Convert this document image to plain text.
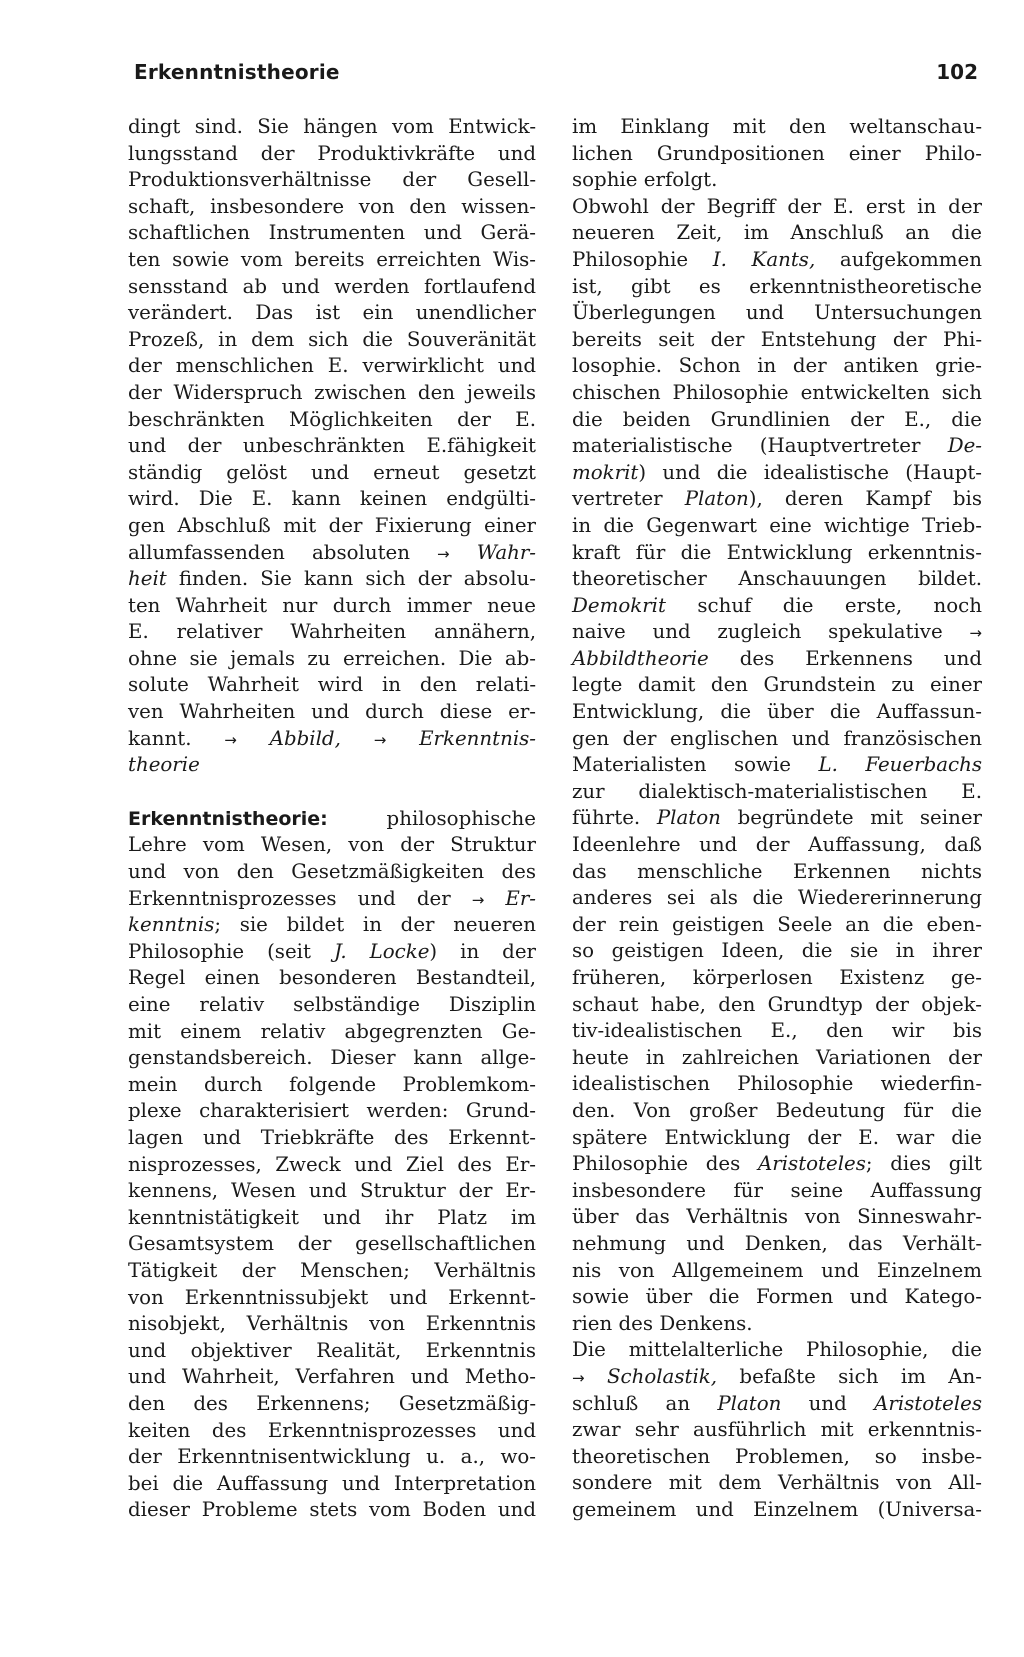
Erkenntnistheorie	102
dingt sind. Sie hängen vom Entwick-
lungsstand der Produktivkräfte und
Produktionsverhältnisse der Gesell-
schaft, insbesondere von den wissen-
schaftlichen Instrumenten und Gerä-
ten sowie vom bereits erreichten Wis-
sensstand ab und werden fortlaufend
verändert. Das ist ein unendlicher
Prozeß, in dem sich die Souveränität
der menschlichen E. verwirklicht und
der Widerspruch zwischen den jeweils
beschränkten Möglichkeiten der E.
und der unbeschränkten E.fähigkeit
ständig gelöst und erneut gesetzt
wird. Die E. kann keinen endgülti-
gen Abschluß mit der Fixierung einer
allumfassenden absoluten → Wahr-
heit finden. Sie kann sich der absolu-
ten Wahrheit nur durch immer neue
E. relativer Wahrheiten annähern,
ohne sie jemals zu erreichen. Die ab-
solute Wahrheit wird in den relati-
ven Wahrheiten und durch diese er-
kannt. → Abbild, → Erkenntnis-
theorie
Erkenntnistheorie: philosophische
Lehre vom Wesen, von der Struktur
und von den Gesetzmäßigkeiten des
Erkenntnisprozesses und der → Er-
kenntnis; sie bildet in der neueren
Philosophie (seit J. Locke) in der
Regel einen besonderen Bestandteil,
eine relativ selbständige Disziplin
mit einem relativ abgegrenzten Ge-
genstandsbereich. Dieser kann allge-
mein durch folgende Problemkom-
plexe charakterisiert werden: Grund-
lagen und Triebkräfte des Erkennt-
nisprozesses, Zweck und Ziel des Er-
kennens, Wesen und Struktur der Er-
kenntnistätigkeit und ihr Platz im
Gesamtsystem der gesellschaftlichen
Tätigkeit der Menschen; Verhältnis
von Erkenntnissubjekt und Erkennt-
nisobjekt, Verhältnis von Erkenntnis
und objektiver Realität, Erkenntnis
und Wahrheit, Verfahren und Metho-
den des Erkennens; Gesetzmäßig-
keiten des Erkenntnisprozesses und
der Erkenntnisentwicklung u. a., wo-
bei die Auffassung und Interpretation
dieser Probleme stets vom Boden und
im Einklang mit den weltanschau-
lichen Grundpositionen einer Philo-
sophie erfolgt.
Obwohl der Begriff der E. erst in der
neueren Zeit, im Anschluß an die
Philosophie I. Kants, aufgekommen
ist, gibt es erkenntnistheoretische
Überlegungen und Untersuchungen
bereits seit der Entstehung der Phi-
losophie. Schon in der antiken grie-
chischen Philosophie entwickelten sich
die beiden Grundlinien der E., die
materialistische (Hauptvertreter De-
mokrit) und die idealistische (Haupt-
vertreter Platon), deren Kampf bis
in die Gegenwart eine wichtige Trieb-
kraft für die Entwicklung erkenntnis-
theoretischer Anschauungen bildet.
Demokrit schuf die erste, noch
naive und zugleich spekulative →
Abbildtheorie des Erkennens und
legte damit den Grundstein zu einer
Entwicklung, die über die Auffassun-
gen der englischen und französischen
Materialisten sowie L. Feuerbachs
zur dialektisch-materialistischen E.
führte. Platon begründete mit seiner
Ideenlehre und der Auffassung, daß
das menschliche Erkennen nichts
anderes sei als die Wiedererinnerung
der rein geistigen Seele an die eben-
so geistigen Ideen, die sie in ihrer
früheren, körperlosen Existenz ge-
schaut habe, den Grundtyp der objek-
tiv-idealistischen E., den wir bis
heute in zahlreichen Variationen der
idealistischen Philosophie wiederfin-
den. Von großer Bedeutung für die
spätere Entwicklung der E. war die
Philosophie des Aristoteles; dies gilt
insbesondere für seine Auffassung
über das Verhältnis von Sinneswahr-
nehmung und Denken, das Verhält-
nis von Allgemeinem und Einzelnem
sowie über die Formen und Katego-
rien des Denkens.
Die mittelalterliche Philosophie, die
→ Scholastik, befaßte sich im An-
schluß an Platon und Aristoteles
zwar sehr ausführlich mit erkenntnis-
theoretischen Problemen, so insbe-
sondere mit dem Verhältnis von All-
gemeinem und Einzelnem (Universa-
